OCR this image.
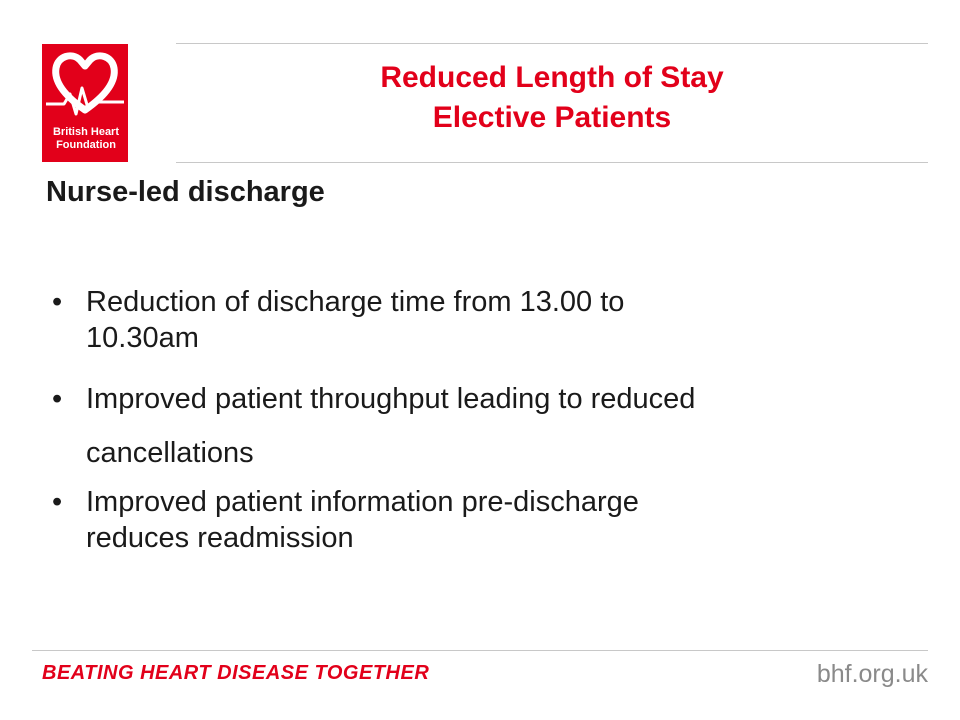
British Heart
Foundation
Reduced Length of Stay
Elective Patients
Nurse-led discharge
• Reduction of discharge time from 13.00 to
10.30am
• Improved patient throughput leading to reduced
cancellations
• Improved patient information pre-discharge
reduces readmission
BEATING HEART DISEASE TOGETHER	bhf.org.uk
